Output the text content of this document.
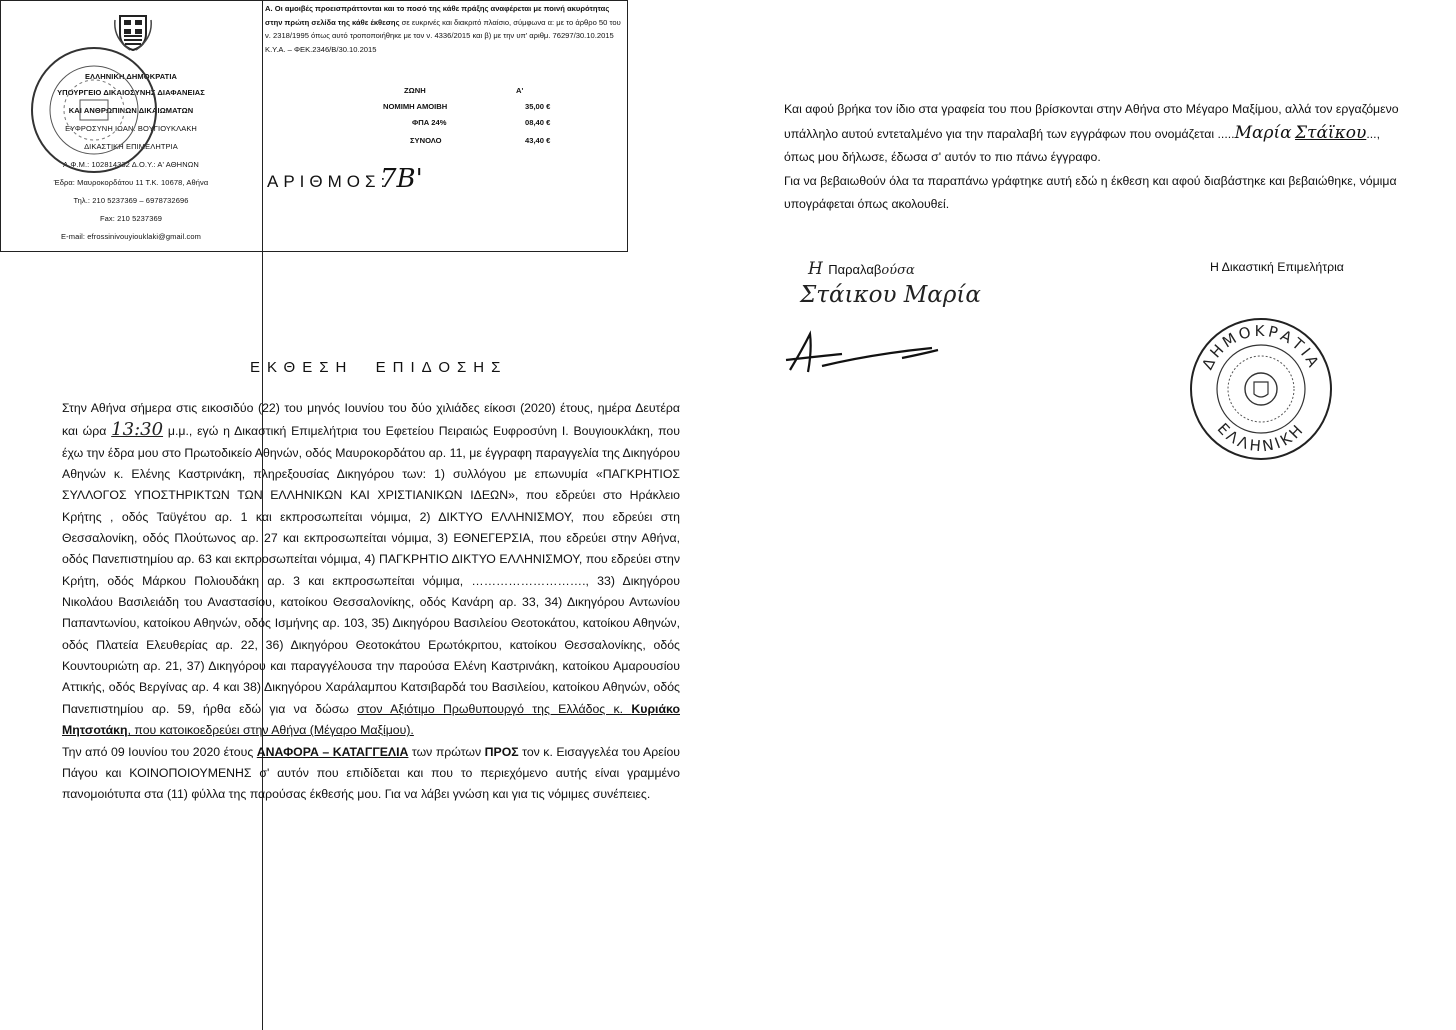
ΕΛΛΗΝΙΚΗ ΔΗΜΟΚΡΑΤΙΑ
ΥΠΟΥΡΓΕΙΟ ΔΙΚΑΙΟΣΥΝΗΣ ΔΙΑΦΑΝΕΙΑΣ
ΚΑΙ ΑΝΘΡΩΠΙΝΩΝ ΔΙΚΑΙΩΜΑΤΩΝ
ΕΥΦΡΟΣΥΝΗ ΙΩΑΝ. ΒΟΥΓΙΟΥΚΛΑΚΗ
ΔΙΚΑΣΤΙΚΗ ΕΠΙΜΕΛΗΤΡΙΑ
Α.Φ.Μ.: 102814332 Δ.Ο.Υ.: Α' ΑΘΗΝΩΝ
Έδρα: Μαυροκορδάτου 11 Τ.Κ. 10678, Αθήνα
Τηλ.: 210 5237369 – 6978732696
Fax: 210 5237369
E-mail: efrossinivouyiouklaki@gmail.com
Α. Οι αμοιβές προεισπράττονται και το ποσό της κάθε πράξης αναφέρεται με ποινή ακυρότητας στην πρώτη σελίδα της κάθε έκθεσης σε ευκρινές και διακριτό πλαίσιο, σύμφωνα α: με το άρθρο 50 του ν. 2318/1995 όπως αυτό τροποποιήθηκε με τον ν. 4336/2015 και β) με την υπ' αριθμ. 76297/30.10.2015 Κ.Υ.Α. – ΦΕΚ.2346/Β/30.10.2015
ΖΩΝΗ	Α'
ΝΟΜΙΜΗ ΑΜΟΙΒΗ	35,00 €
ΦΠΑ 24%	08,40 €
ΣΥΝΟΛΟ	43,40 €
ΑΡΙΘΜΟΣ:
7Β'
ΕΚΘΕΣΗ  ΕΠΙΔΟΣΗΣ
Στην Αθήνα σήμερα στις εικοσιδύο (22) του μηνός Ιουνίου του δύο χιλιάδες είκοσι (2020) έτους, ημέρα Δευτέρα και ώρα 13:30 μ.μ., εγώ η Δικαστική Επιμελήτρια του Εφετείου Πειραιώς Ευφροσύνη Ι. Βουγιουκλάκη, που έχω την έδρα μου στο Πρωτοδικείο Αθηνών, οδός Μαυροκορδάτου αρ. 11, με έγγραφη παραγγελία της Δικηγόρου Αθηνών κ. Ελένης Καστρινάκη, πληρεξουσίας Δικηγόρου των: 1) συλλόγου με επωνυμία «ΠΑΓΚΡΗΤΙΟΣ ΣΥΛΛΟΓΟΣ ΥΠΟΣΤΗΡΙΚΤΩΝ ΤΩΝ ΕΛΛΗΝΙΚΩΝ ΚΑΙ ΧΡΙΣΤΙΑΝΙΚΩΝ ΙΔΕΩΝ», που εδρεύει στο Ηράκλειο Κρήτης , οδός Ταϋγέτου αρ. 1 και εκπροσωπείται νόμιμα, 2) ΔΙΚΤΥΟ ΕΛΛΗΝΙΣΜΟΥ, που εδρεύει στη Θεσσαλονίκη, οδός Πλούτωνος αρ. 27 και εκπροσωπείται νόμιμα, 3) ΕΘΝΕΓΕΡΣΙΑ, που εδρεύει στην Αθήνα, οδός Πανεπιστημίου αρ. 63 και εκπροσωπείται νόμιμα, 4) ΠΑΓΚΡΗΤΙΟ ΔΙΚΤΥΟ ΕΛΛΗΝΙΣΜΟΥ, που εδρεύει στην Κρήτη, οδός Μάρκου Πολιουδάκη αρ. 3 και εκπροσωπείται νόμιμα, ………………………., 33) Δικηγόρου Νικολάου Βασιλειάδη του Αναστασίου, κατοίκου Θεσσαλονίκης, οδός Κανάρη αρ. 33, 34) Δικηγόρου Αντωνίου Παπαντωνίου, κατοίκου Αθηνών, οδός Ισμήνης αρ. 103, 35) Δικηγόρου Βασιλείου Θεοτοκάτου, κατοίκου Αθηνών, οδός Πλατεία Ελευθερίας αρ. 22, 36) Δικηγόρου Θεοτοκάτου Ερωτόκριτου, κατοίκου Θεσσαλονίκης, οδός Κουντουριώτη αρ. 21, 37) Δικηγόρου και παραγγέλουσα την παρούσα Ελένη Καστρινάκη, κατοίκου Αμαρουσίου Αττικής, οδός Βεργίνας αρ. 4 και 38) Δικηγόρου Χαράλαμπου Κατσιβαρδά του Βασιλείου, κατοίκου Αθηνών, οδός Πανεπιστημίου αρ. 59, ήρθα εδώ για να δώσω στον Αξιότιμο Πρωθυπουργό της Ελλάδος κ. Κυριάκο Μητσοτάκη, που κατοικοεδρεύει στην Αθήνα (Μέγαρο Μαξίμου).
Την από 09 Ιουνίου του 2020 έτους ΑΝΑΦΟΡΑ – ΚΑΤΑΓΓΕΛΙΑ των πρώτων ΠΡΟΣ τον κ. Εισαγγελέα του Αρείου Πάγου και ΚΟΙΝΟΠΟΙΟΥΜΕΝΗΣ σ' αυτόν που επιδίδεται και που το περιεχόμενο αυτής είναι γραμμένο πανομοιότυπα στα (11) φύλλα της παρούσας έκθεσής μου. Για να λάβει γνώση και για τις νόμιμες συνέπειες.
Και αφού βρήκα τον ίδιο στα γραφεία του που βρίσκονται στην Αθήνα στο Μέγαρο Μαξίμου, αλλά τον εργαζόμενο υπάλληλο αυτού εντεταλμένο για την παραλαβή των εγγράφων που ονομάζεται .....Μαρία Στάϊκου..., όπως μου δήλωσε, έδωσα σ' αυτόν το πιο πάνω έγγραφο.
Για να βεβαιωθούν όλα τα παραπάνω γράφτηκε αυτή εδώ η έκθεση και αφού διαβάστηκε και βεβαιώθηκε, νόμιμα υπογράφεται όπως ακολουθεί.
Η Παραλαβούσα
Στάικου Μαρία
Η Δικαστική Επιμελήτρια
ΔΗΜΟΚΡΑΤΙΑ
ΕΛΛΗΝΙΚΗ
